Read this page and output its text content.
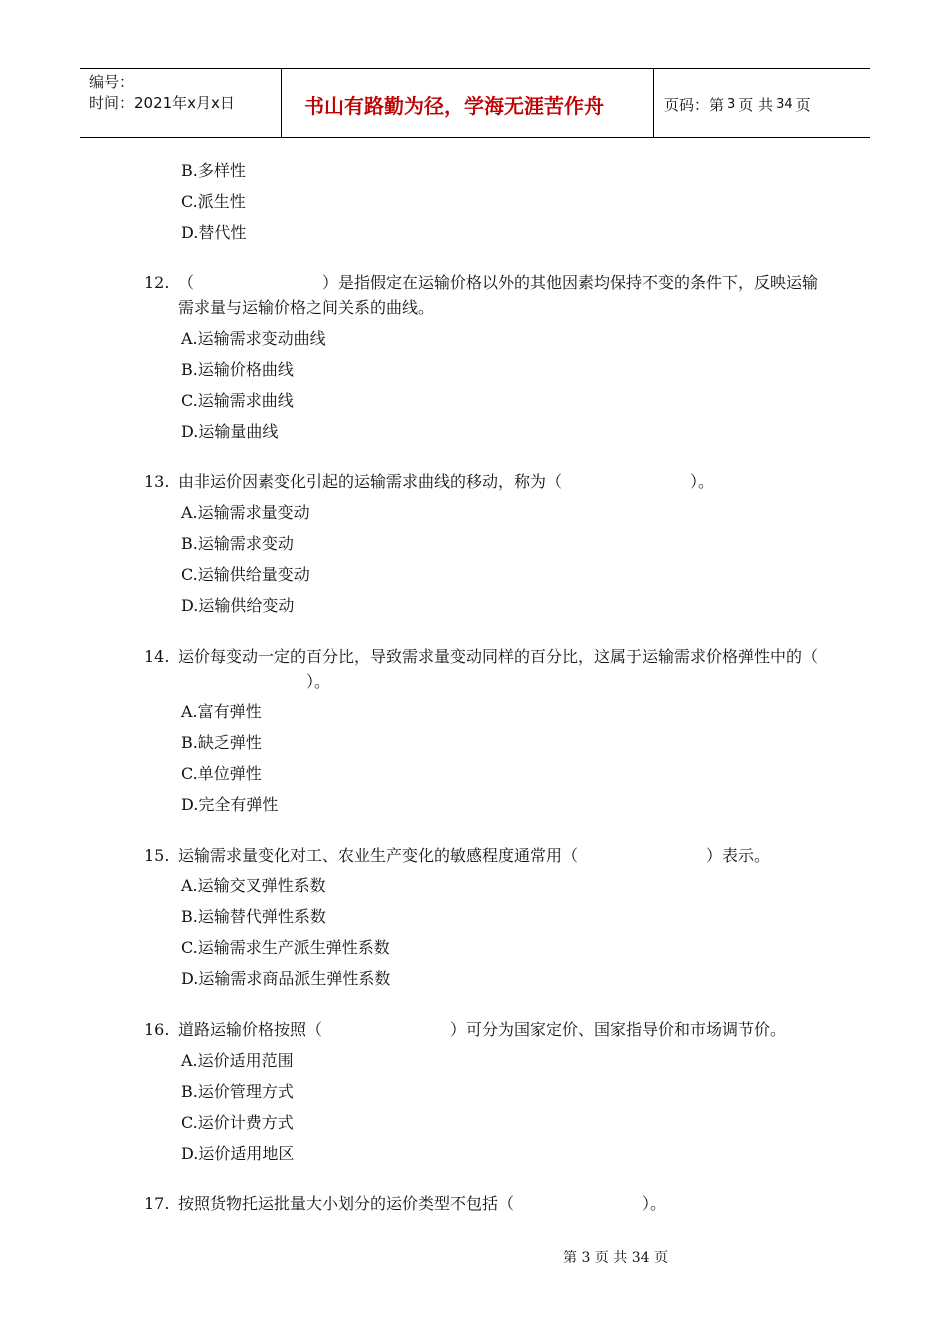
编号：
时间：2021年x月x日	书山有路勤为径，学海无涯苦作舟	页码：第 3 页 共 34 页
B.多样性
C.派生性
D.替代性
12. （	）是指假定在运输价格以外的其他因素均保持不变的条件下，反映运输需求量与运输价格之间关系的曲线。
A.运输需求变动曲线
B.运输价格曲线
C.运输需求曲线
D.运输量曲线
13. 由非运价因素变化引起的运输需求曲线的移动，称为（	）。
A.运输需求量变动
B.运输需求变动
C.运输供给量变动
D.运输供给变动
14. 运价每变动一定的百分比，导致需求量变动同样的百分比，这属于运输需求价格弹性中的（）。
A.富有弹性
B.缺乏弹性
C.单位弹性
D.完全有弹性
15. 运输需求量变化对工、农业生产变化的敏感程度通常用（	）表示。
A.运输交叉弹性系数
B.运输替代弹性系数
C.运输需求生产派生弹性系数
D.运输需求商品派生弹性系数
16. 道路运输价格按照（	）可分为国家定价、国家指导价和市场调节价。
A.运价适用范围
B.运价管理方式
C.运价计费方式
D.运价适用地区
17. 按照货物托运批量大小划分的运价类型不包括（	）。
第 3 页 共 34 页
